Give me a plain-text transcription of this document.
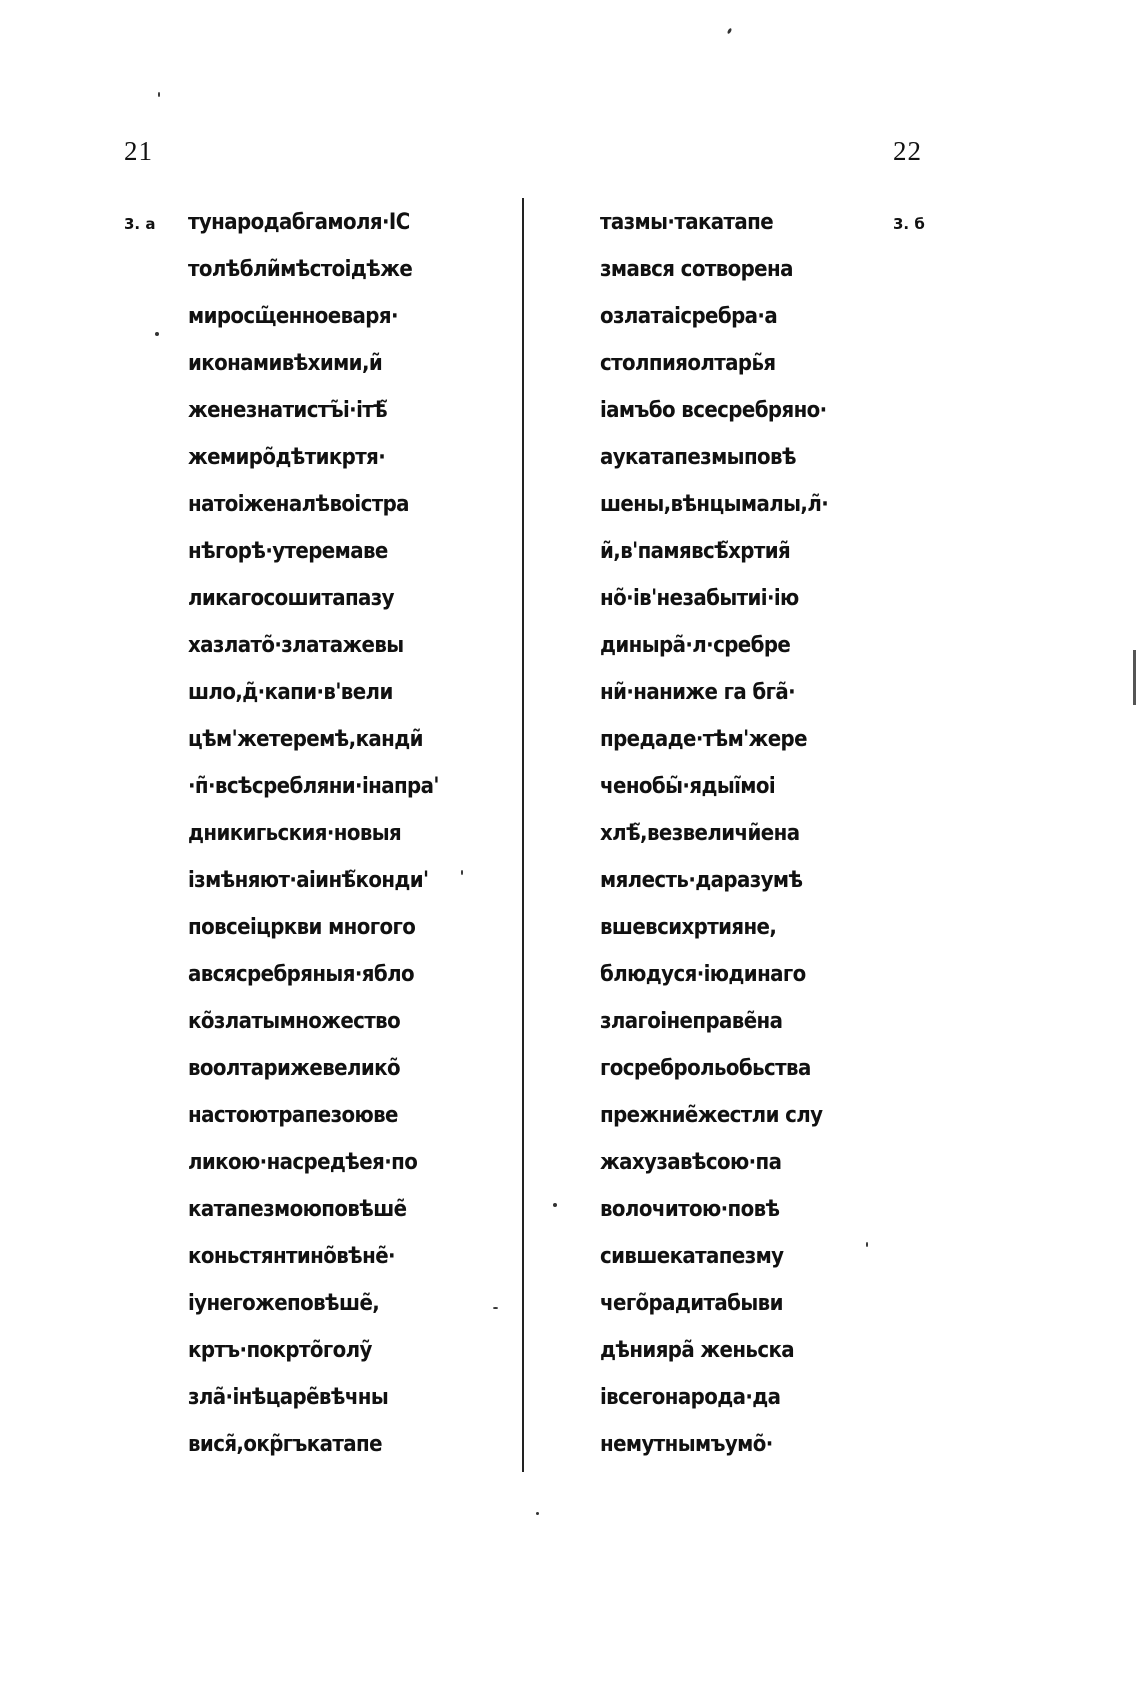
21	22
3. а	3. б
тународабгамоля·ІС
толѣбли͂мѣстоідѣже
миросщ͂енноеваря·
иконамивѣхими,и͂
женезнатистъ͂і·ітѣ͂
жемиро͂дѣтикртя·
натоіженалѣвоістра
нѣгорѣ·утеремаве
ликагосошитапазу
хазлато͂·златажевы
шло,д͂·капи·в'вели
цѣм'жетеремѣ,канди͂
·п͂·всѣсребляни·інапра'
дникигьския·новыя
ізмѣняют·аіинѣ͂конди'
повсеіцркви многого
авсясребряныя·ябло
ко͂златымножество
воолтарижевелико͂
настоютрапезоюве
ликою·насредѣея·по
катапезмоюповѣше͂
коньстянтино͂вѣне͂·
іунегожеповѣше͂,
кртъ·покрто͂голу͂
зла͂·інѣцаре͂вѣчны
вися͂,окр͂гъкатапе
тазмы·такатапе
змався сотворена
озлатаісребра·а
столпияолтарь͂я
іамъбо всесребряно·
аукатапезмыповѣ
шены,вѣнцымалы,л͂·
и͂,в'памявсѣ͂хртия͂
но͂·ів'незабытиі·ію
диныра͂·л·сребре
ни͂·наниже га бга͂·
предаде·тѣм'жере
ченобы͂·ядыі͂моі
хлѣ͂,везвеличи͂ена
мялесть·даразумѣ
вшевсихртияне,
блюдуся·іюдинаго
злагоінеправе͂на
госреброльобьства
прежние͂жестли слу
жахузавѣсою·па
волочитою·повѣ
сившекатапезму
чего͂радитабыви
дѣнияра͂ женьска
івсегонарода·да
немутнымъумо͂·
